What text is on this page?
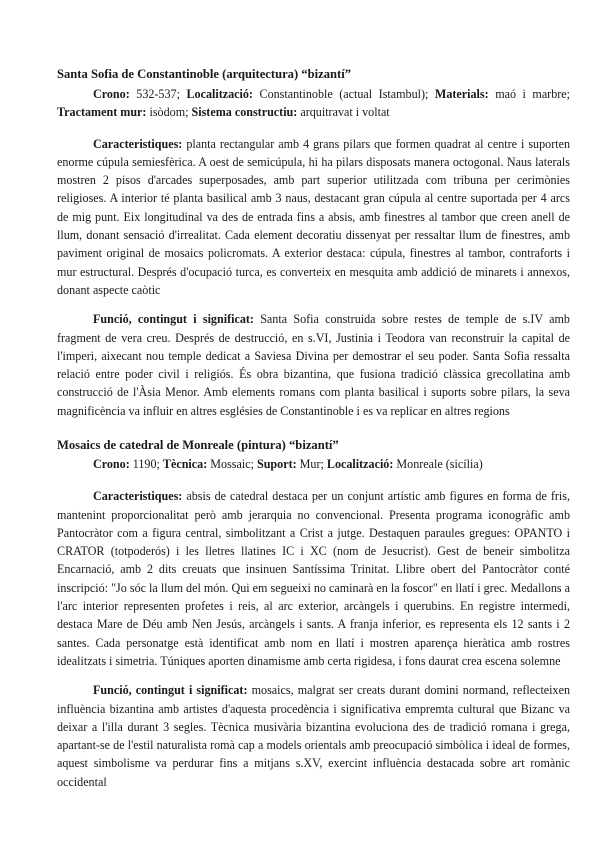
Santa Sofia de Constantinoble (arquitectura) “bizantí”

Crono: 532-537; Localització: Constantinoble (actual Istambul); Materials: maó i marbre; Tractament mur: isòdom; Sistema constructiu: arquitravat i voltat

Caracteristiques: planta rectangular amb 4 grans pilars que formen quadrat al centre i suporten enorme cúpula semiesfèrica. A oest de semicúpula, hi ha pilars disposats manera octogonal. Naus laterals mostren 2 pisos d'arcades superposades, amb part superior utilitzada com tribuna per cerimònies religioses. A interior té planta basilical amb 3 naus, destacant gran cúpula al centre suportada per 4 arcs de mig punt. Eix longitudinal va des de entrada fins a absis, amb finestres al tambor que creen anell de llum, donant sensació d'irrealitat. Cada element decoratiu dissenyat per ressaltar llum de finestres, amb paviment original de mosaics policromats. A exterior destaca: cúpula, finestres al tambor, contraforts i mur estructural. Després d'ocupació turca, es converteix en mesquita amb addició de minarets i annexos, donant aspecte caòtic

Funció, contingut i significat: Santa Sofia construida sobre restes de temple de s.IV amb fragment de vera creu. Després de destrucció, en s.VI, Justinia i Teodora van reconstruir la capital de l'imperi, aixecant nou temple dedicat a Saviesa Divina per demostrar el seu poder. Santa Sofia ressalta relació entre poder civil i religiós. És obra bizantina, que fusiona tradició clàssica grecollatina amb construcció de l'Àsia Menor. Amb elements romans com planta basilical i suports sobre pilars, la seva magnificència va influir en altres esglésies de Constantinoble i es va replicar en altres regions

Mosaics de catedral de Monreale (pintura) “bizantí”

Crono: 1190; Tècnica: Mossaic; Suport: Mur; Localització: Monreale (sicília)

Caracteristiques: absis de catedral destaca per un conjunt artístic amb figures en forma de fris, mantenint proporcionalitat però amb jerarquia no convencional. Presenta programa iconogràfic amb Pantocràtor com a figura central, simbolitzant a Crist a jutge. Destaquen paraules gregues: OPANTO i CRATOR (totpoderós) i les lletres llatines IC i XC (nom de Jesucrist). Gest de beneir simbolitza Encarnació, amb 2 dits creuats que insinuen Santíssima Trinitat. Llibre obert del Pantocràtor conté inscripció: "Jo sóc la llum del món. Qui em segueixi no caminarà en la foscor" en llatí i grec. Medallons a l'arc interior representen profetes i reis, al arc exterior, arcàngels i querubins. En registre intermedi, destaca Mare de Déu amb Nen Jesús, arcàngels i sants. A franja inferior, es representa els 12 sants i 2 santes. Cada personatge està identificat amb nom en llatí i mostren aparença hieràtica amb rostres idealitzats i simetria. Túniques aporten dinamisme amb certa rigidesa, i fons daurat crea escena solemne

Funció, contingut i significat: mosaics, malgrat ser creats durant domini normand, reflecteixen influència bizantina amb artistes d'aquesta procedència i significativa empremta cultural que Bizanc va deixar a l'illa durant 3 segles. Tècnica musivària bizantina evoluciona des de tradició romana i grega, apartant-se de l'estil naturalista romà cap a models orientals amb preocupació simbòlica i ideal de formes, aquest simbolisme va perdurar fins a mitjans s.XV, exercint influència destacada sobre art romànic occidental
